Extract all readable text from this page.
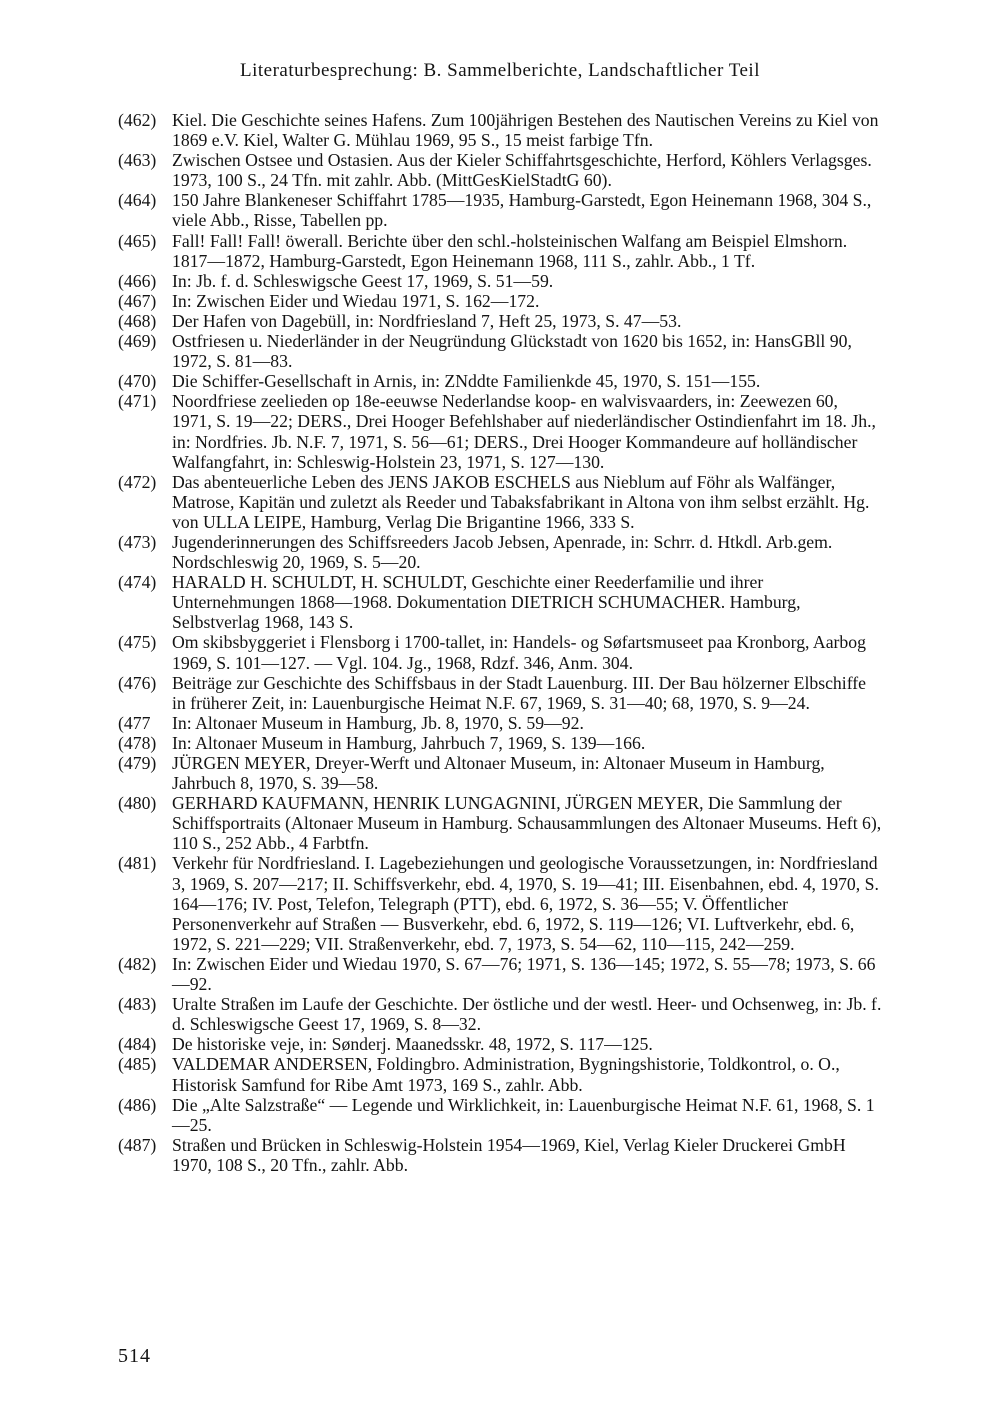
Literaturbesprechung: B. Sammelberichte, Landschaftlicher Teil
(462) Kiel. Die Geschichte seines Hafens. Zum 100jährigen Bestehen des Nautischen Vereins zu Kiel von 1869 e.V. Kiel, Walter G. Mühlau 1969, 95 S., 15 meist farbige Tfn.
(463) Zwischen Ostsee und Ostasien. Aus der Kieler Schiffahrtsgeschichte, Herford, Köhlers Verlagsges. 1973, 100 S., 24 Tfn. mit zahlr. Abb. (MittGesKielStadtG 60).
(464) 150 Jahre Blankeneser Schiffahrt 1785—1935, Hamburg-Garstedt, Egon Heinemann 1968, 304 S., viele Abb., Risse, Tabellen pp.
(465) Fall! Fall! Fall! öwerall. Berichte über den schl.-holsteinischen Walfang am Beispiel Elmshorn. 1817—1872, Hamburg-Garstedt, Egon Heinemann 1968, 111 S., zahlr. Abb., 1 Tf.
(466) In: Jb. f. d. Schleswigsche Geest 17, 1969, S. 51—59.
(467) In: Zwischen Eider und Wiedau 1971, S. 162—172.
(468) Der Hafen von Dagebüll, in: Nordfriesland 7, Heft 25, 1973, S. 47—53.
(469) Ostfriesen u. Niederländer in der Neugründung Glückstadt von 1620 bis 1652, in: HansGBll 90, 1972, S. 81—83.
(470) Die Schiffer-Gesellschaft in Arnis, in: ZNddte Familienkde 45, 1970, S. 151—155.
(471) Noordfriese zeelieden op 18e-eeuwse Nederlandse koop- en walvisvaarders, in: Zeewezen 60, 1971, S. 19—22; DERS., Drei Hooger Befehlshaber auf niederländischer Ostindienfahrt im 18. Jh., in: Nordfries. Jb. N.F. 7, 1971, S. 56—61; DERS., Drei Hooger Kommandeure auf holländischer Walfangfahrt, in: Schleswig-Holstein 23, 1971, S. 127—130.
(472) Das abenteuerliche Leben des JENS JAKOB ESCHELS aus Nieblum auf Föhr als Walfänger, Matrose, Kapitän und zuletzt als Reeder und Tabaksfabrikant in Altona von ihm selbst erzählt. Hg. von ULLA LEIPE, Hamburg, Verlag Die Brigantine 1966, 333 S.
(473) Jugenderinnerungen des Schiffsreeders Jacob Jebsen, Apenrade, in: Schrr. d. Htkdl. Arb.gem. Nordschleswig 20, 1969, S. 5—20.
(474) HARALD H. SCHULDT, H. SCHULDT, Geschichte einer Reederfamilie und ihrer Unternehmungen 1868—1968. Dokumentation DIETRICH SCHUMACHER. Hamburg, Selbstverlag 1968, 143 S.
(475) Om skibsbyggeriet i Flensborg i 1700-tallet, in: Handels- og Søfartsmuseet paa Kronborg, Aarbog 1969, S. 101—127. — Vgl. 104. Jg., 1968, Rdzf. 346, Anm. 304.
(476) Beiträge zur Geschichte des Schiffsbaus in der Stadt Lauenburg. III. Der Bau hölzerner Elbschiffe in früherer Zeit, in: Lauenburgische Heimat N.F. 67, 1969, S. 31—40; 68, 1970, S. 9—24.
(477	In: Altonaer Museum in Hamburg, Jb. 8, 1970, S. 59—92.
(478) In: Altonaer Museum in Hamburg, Jahrbuch 7, 1969, S. 139—166.
(479) JÜRGEN MEYER, Dreyer-Werft und Altonaer Museum, in: Altonaer Museum in Hamburg, Jahrbuch 8, 1970, S. 39—58.
(480) GERHARD KAUFMANN, HENRIK LUNGAGNINI, JÜRGEN MEYER, Die Sammlung der Schiffsportraits (Altonaer Museum in Hamburg. Schausammlungen des Altonaer Museums. Heft 6), 110 S., 252 Abb., 4 Farbtfn.
(481) Verkehr für Nordfriesland. I. Lagebeziehungen und geologische Voraussetzungen, in: Nordfriesland 3, 1969, S. 207—217; II. Schiffsverkehr, ebd. 4, 1970, S. 19—41; III. Eisenbahnen, ebd. 4, 1970, S. 164—176; IV. Post, Telefon, Telegraph (PTT), ebd. 6, 1972, S. 36—55; V. Öffentlicher Personenverkehr auf Straßen — Busverkehr, ebd. 6, 1972, S. 119—126; VI. Luftverkehr, ebd. 6, 1972, S. 221—229; VII. Straßenverkehr, ebd. 7, 1973, S. 54—62, 110—115, 242—259.
(482) In: Zwischen Eider und Wiedau 1970, S. 67—76; 1971, S. 136—145; 1972, S. 55—78; 1973, S. 66—92.
(483) Uralte Straßen im Laufe der Geschichte. Der östliche und der westl. Heer- und Ochsenweg, in: Jb. f. d. Schleswigsche Geest 17, 1969, S. 8—32.
(484) De historiske veje, in: Sønderj. Maanedsskr. 48, 1972, S. 117—125.
(485) VALDEMAR ANDERSEN, Foldingbro. Administration, Bygningshistorie, Toldkontrol, o. O., Historisk Samfund for Ribe Amt 1973, 169 S., zahlr. Abb.
(486) Die „Alte Salzstraße“ — Legende und Wirklichkeit, in: Lauenburgische Heimat N.F. 61, 1968, S. 1—25.
(487) Straßen und Brücken in Schleswig-Holstein 1954—1969, Kiel, Verlag Kieler Druckerei GmbH 1970, 108 S., 20 Tfn., zahlr. Abb.
514
